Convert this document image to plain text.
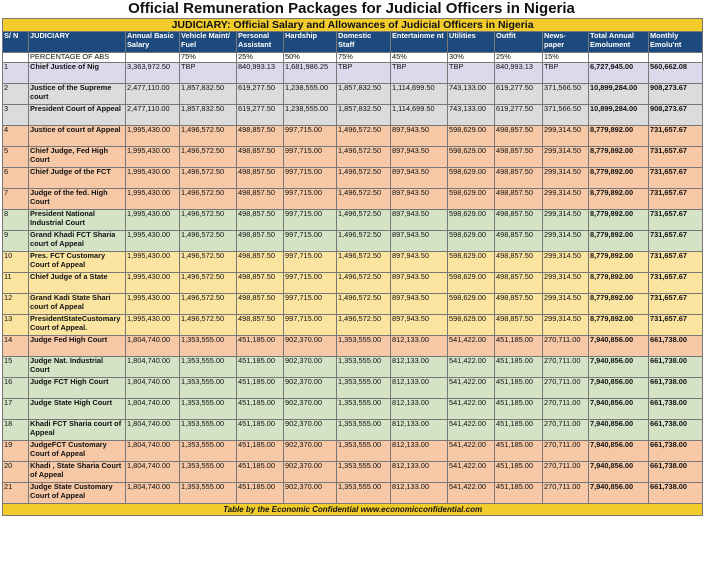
Official Remuneration Packages for Judicial Officers in Nigeria
JUDICIARY: Official Salary and Allowances of Judicial Officers in Nigeria												
S/ N	JUDICIARY	Annual Basic Salary	Vehicle Maint/ Fuel	Personal Assistant	Hardship	Domestic Staff	Entertainme nt	Utilities	Outfit	News- paper	Total Annual Emolument	Monthly Emolu'nt
	PERCENTAGE OF ABS		75%	25%	50%	75%	45%	30%	25%	15%		
1	Chief Justice of Nig	3,363,972.50	TBP	840,993.13	1,681,986.25	TBP	TBP	TBP	840,993.13	TBP	6,727,945.00	560,662.08
2	Justice of the Supreme court	2,477,110.00	1,857,832.50	619,277.50	1,238,555.00	1,857,832.50	1,114,699.50	743,133.00	619,277.50	371,566.50	10,899,284.00	908,273.67
3	President Court of Appeal	2,477,110.00	1,857,832.50	619,277.50	1,238,555.00	1,857,832.50	1,114,699.50	743,133.00	619,277.50	371,566.50	10,899,284.00	908,273.67
4	Justice of court of Appeal	1,995,430.00	1,496,572.50	498,857.50	997,715.00	1,496,572.50	897,943.50	598,629.00	498,857.50	299,314.50	8,779,892.00	731,657.67
5	Chief Judge, Fed High Court	1,995,430.00	1,496,572.50	498,857.50	997,715.00	1,496,572.50	897,943.50	598,629.00	498,857.50	299,314.50	8,779,892.00	731,657.67
6	Chief Judge of the FCT	1,995,430.00	1,496,572.50	498,857.50	997,715.00	1,496,572.50	897,943.50	598,629.00	498,857.50	299,314.50	8,779,892.00	731,657.67
7	Judge of the fed. High Court	1,995,430.00	1,496,572.50	498,857.50	997,715.00	1,496,572.50	897,943.50	598,629.00	498,857.50	299,314.50	8,779,892.00	731,657.67
8	President National Industrial Court	1,995,430.00	1,496,572.50	498,857.50	997,715.00	1,496,572.50	897,943.50	598,629.00	498,857.50	299,314.50	8,779,892.00	731,657.67
9	Grand Khadi FCT Sharia court of Appeal	1,995,430.00	1,496,572.50	498,857.50	997,715.00	1,496,572.50	897,943.50	598,629.00	498,857.50	299,314.50	8,779,892.00	731,657.67
10	Pres. FCT Customary Court of Appeal	1,995,430.00	1,496,572.50	498,857.50	997,715.00	1,496,572.50	897,943.50	598,629.00	498,857.50	299,314.50	8,779,892.00	731,657.67
11	Chief Judge of a State	1,995,430.00	1,496,572.50	498,857.50	997,715.00	1,496,572.50	897,943.50	598,629.00	498,857.50	299,314.50	8,779,892.00	731,657.67
12	Grand Kadi State Shari court of Appeal	1,995,430.00	1,496,572.50	498,857.50	997,715.00	1,496,572.50	897,943.50	598,629.00	498,857.50	299,314.50	8,779,892.00	731,657.67
13	PresidentStateCustomary Court of Appeal.	1,995,430.00	1,496,572.50	498,857.50	997,715.00	1,496,572.50	897,943.50	598,629.00	498,857.50	299,314.50	8,779,892.00	731,657.67
14	Judge Fed High Court	1,804,740.00	1,353,555.00	451,185.00	902,370.00	1,353,555.00	812,133.00	541,422.00	451,185.00	270,711.00	7,940,856.00	661,738.00
15	Judge Nat. Industrial Court	1,804,740.00	1,353,555.00	451,185.00	902,370.00	1,353,555.00	812,133.00	541,422.00	451,185.00	270,711.00	7,940,856.00	661,738.00
16	Judge FCT High Court	1,804,740.00	1,353,555.00	451,185.00	902,370.00	1,353,555.00	812,133.00	541,422.00	451,185.00	270,711.00	7,940,856.00	661,738.00
17	Judge State High Court	1,804,740.00	1,353,555.00	451,185.00	902,370.00	1,353,555.00	812,133.00	541,422.00	451,185.00	270,711.00	7,940,856.00	661,738.00
18	Khadi FCT Sharia court of Appeal	1,804,740.00	1,353,555.00	451,185.00	902,370.00	1,353,555.00	812,133.00	541,422.00	451,185.00	270,711.00	7,940,856.00	661,738.00
19	JudgeFCT Customary Court of Appeal	1,804,740.00	1,353,555.00	451,185.00	902,370.00	1,353,555.00	812,133.00	541,422.00	451,185.00	270,711.00	7,940,856.00	661,738.00
20	Khadi , State Sharia Court of Appeal	1,804,740.00	1,353,555.00	451,185.00	902,370.00	1,353,555.00	812,133.00	541,422.00	451,185.00	270,711.00	7,940,856.00	661,738.00
21	Judge State Customary Court of Appeal	1,804,740.00	1,353,555.00	451,185.00	902,370.00	1,353,555.00	812,133.00	541,422.00	451,185.00	270,711.00	7,940,856.00	661,738.00
Table by the Economic Confidential www.economicconfidential.com												
